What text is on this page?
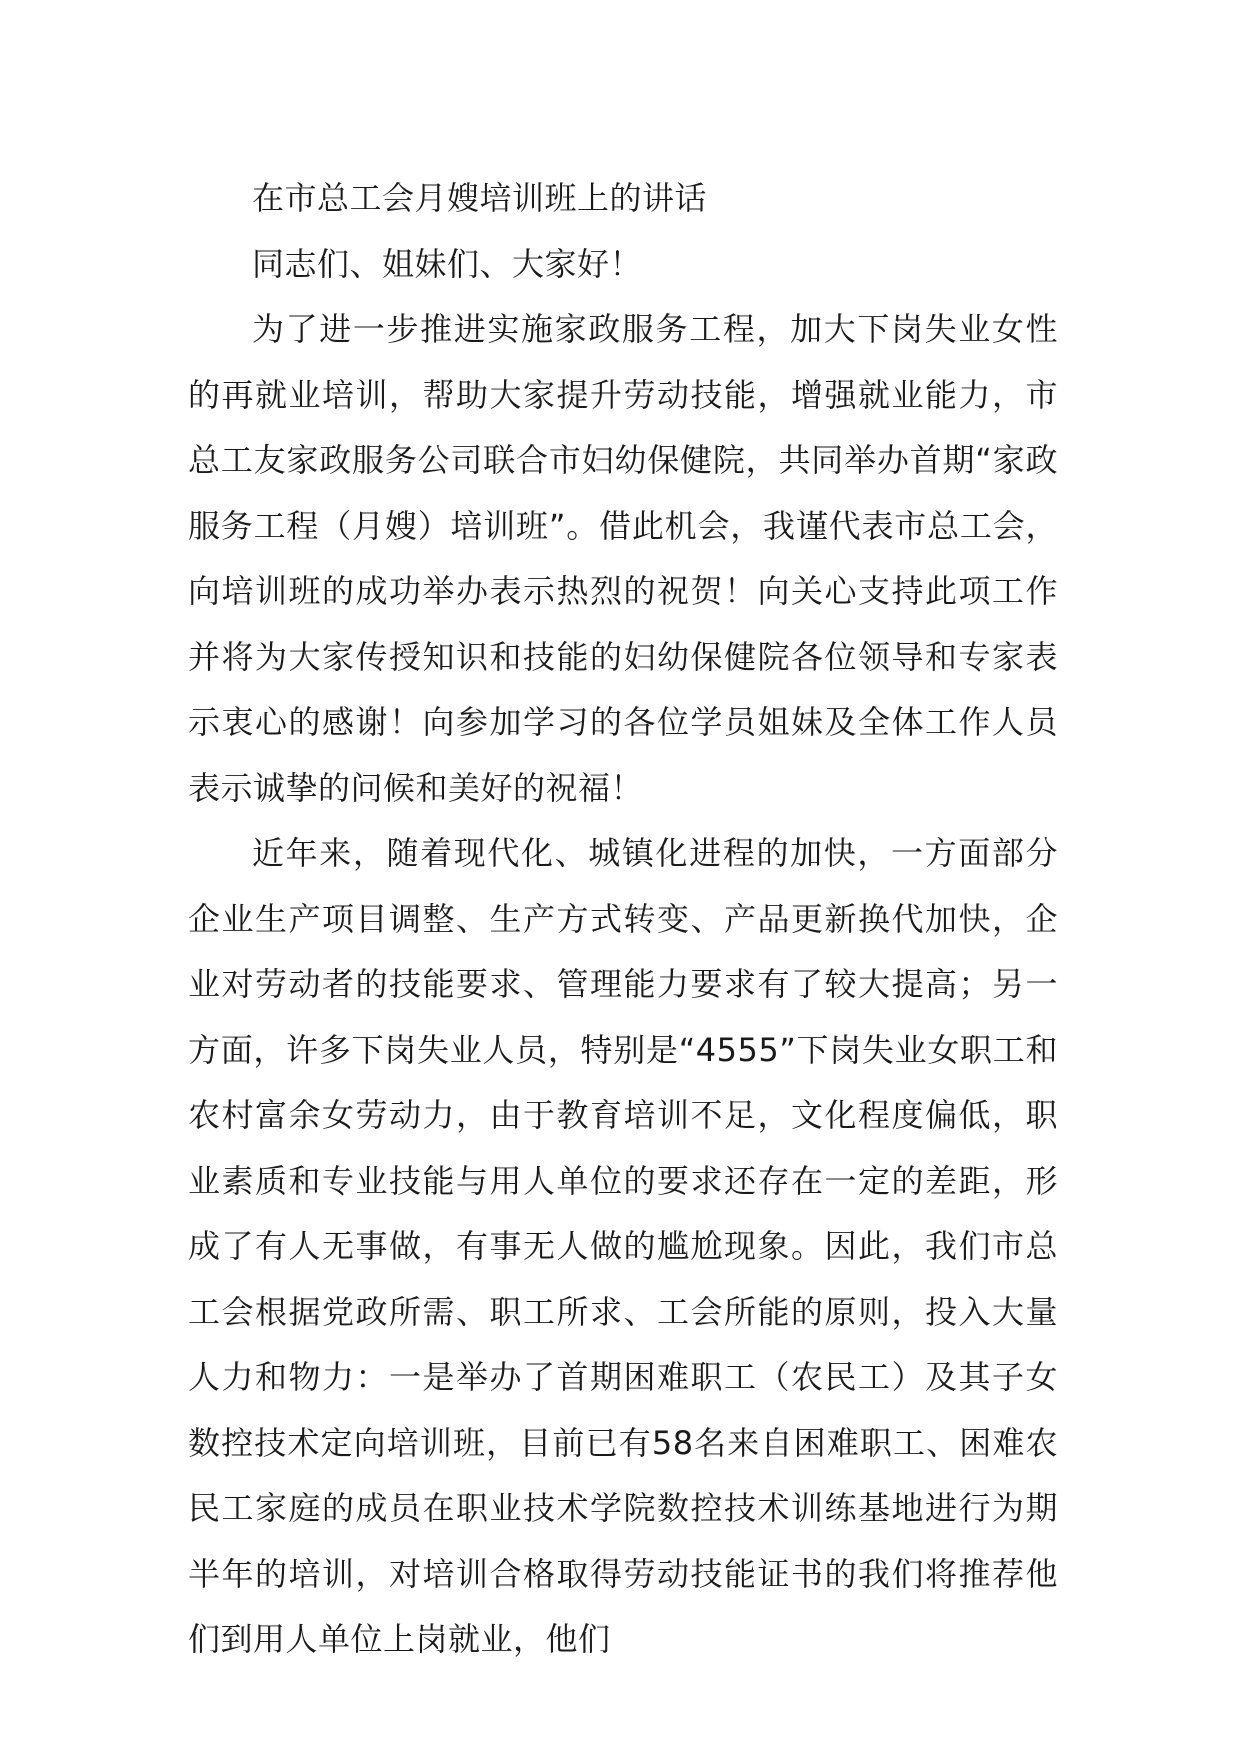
在市总工会月嫂培训班上的讲话

同志们、姐妹们、大家好！

为了进一步推进实施家政服务工程，加大下岗失业女性的再就业培训，帮助大家提升劳动技能，增强就业能力，市总工友家政服务公司联合市妇幼保健院，共同举办首期“家政服务工程（月嫂）培训班”。借此机会，我谨代表市总工会，向培训班的成功举办表示热烈的祝贺！向关心支持此项工作并将为大家传授知识和技能的妇幼保健院各位领导和专家表示衷心的感谢！向参加学习的各位学员姐妹及全体工作人员表示诚挚的问候和美好的祝福！

近年来，随着现代化、城镇化进程的加快，一方面部分企业生产项目调整、生产方式转变、产品更新换代加快，企业对劳动者的技能要求、管理能力要求有了较大提高；另一方面，许多下岗失业人员，特别是“4555”下岗失业女职工和农村富余女劳动力，由于教育培训不足，文化程度偏低，职业素质和专业技能与用人单位的要求还存在一定的差距，形成了有人无事做，有事无人做的尴尬现象。因此，我们市总工会根据党政所需、职工所求、工会所能的原则，投入大量人力和物力：一是举办了首期困难职工（农民工）及其子女数控技术定向培训班，目前已有58名来自困难职工、困难农民工家庭的成员在职业技术学院数控技术训练基地进行为期半年的培训，对培训合格取得劳动技能证书的我们将推荐他们到用人单位上岗就业，他们
